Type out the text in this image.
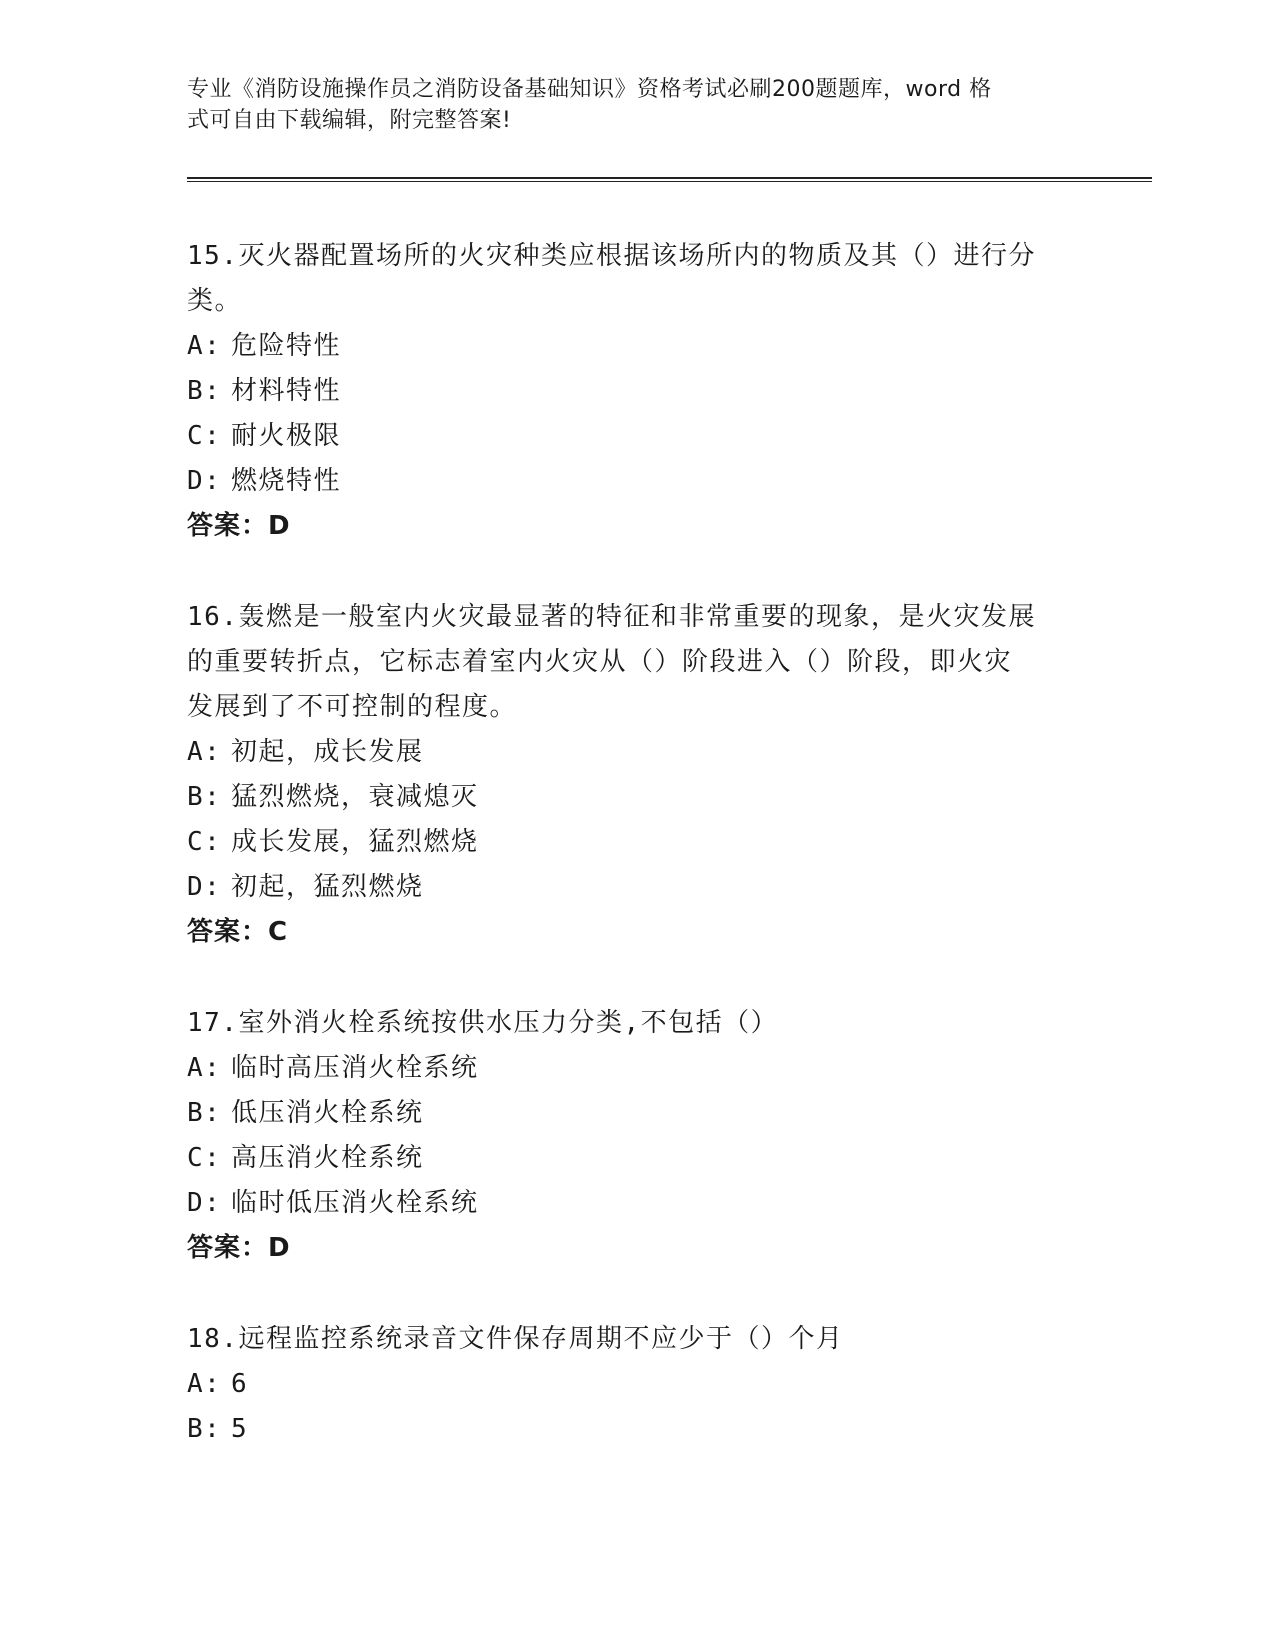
专业《消防设施操作员之消防设备基础知识》资格考试必刷200题题库，word 格
式可自由下载编辑，附完整答案!
15.灭火器配置场所的火灾种类应根据该场所内的物质及其（）进行分
类。
A: 危险特性
B: 材料特性
C: 耐火极限
D: 燃烧特性
答案：D
16.轰燃是一般室内火灾最显著的特征和非常重要的现象，是火灾发展
的重要转折点，它标志着室内火灾从（）阶段进入（）阶段，即火灾
发展到了不可控制的程度。
A: 初起，成长发展
B: 猛烈燃烧，衰减熄灭
C: 成长发展，猛烈燃烧
D: 初起，猛烈燃烧
答案：C
17.室外消火栓系统按供水压力分类,不包括（）
A: 临时高压消火栓系统
B: 低压消火栓系统
C: 高压消火栓系统
D: 临时低压消火栓系统
答案：D
18.远程监控系统录音文件保存周期不应少于（）个月
A: 6
B: 5
